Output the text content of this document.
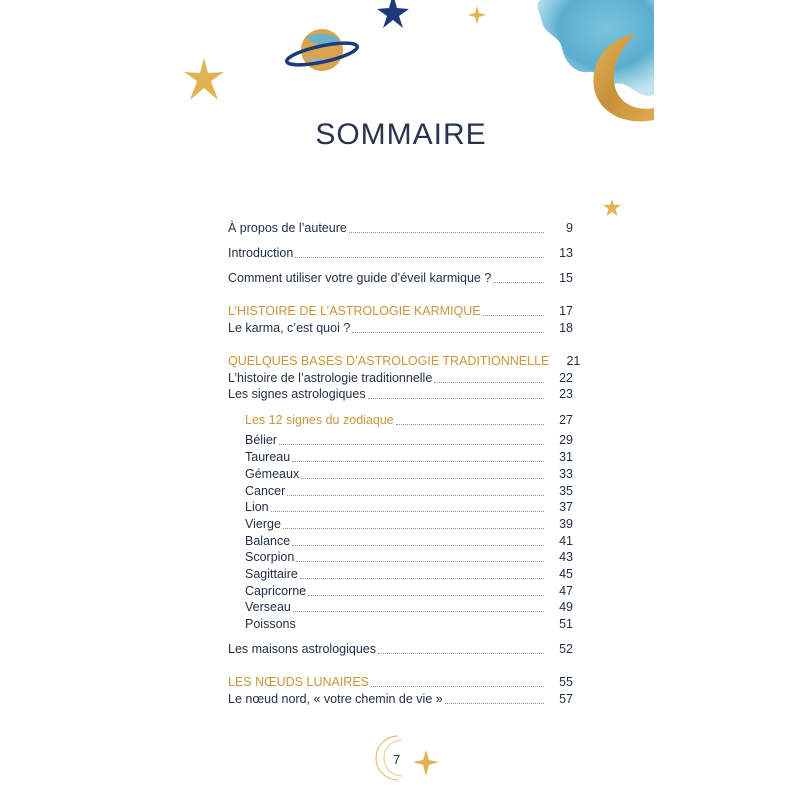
SOMMAIRE
À propos de l’auteure	9
Introduction	13
Comment utiliser votre guide d’éveil karmique ?	15
L’HISTOIRE DE L’ASTROLOGIE KARMIQUE	17
Le karma, c’est quoi ?	18
QUELQUES BASES D’ASTROLOGIE TRADITIONNELLE	21
L’histoire de l’astrologie traditionnelle	22
Les signes astrologiques	23
Les 12 signes du zodiaque	27
Bélier	29
Taureau	31
Gémeaux	33
Cancer	35
Lion	37
Vierge	39
Balance	41
Scorpion	43
Sagittaire	45
Capricorne	47
Verseau	49
Poissons	51
Les maisons astrologiques	52
LES NŒUDS LUNAIRES	55
Le nœud nord, « votre chemin de vie »	57
7
